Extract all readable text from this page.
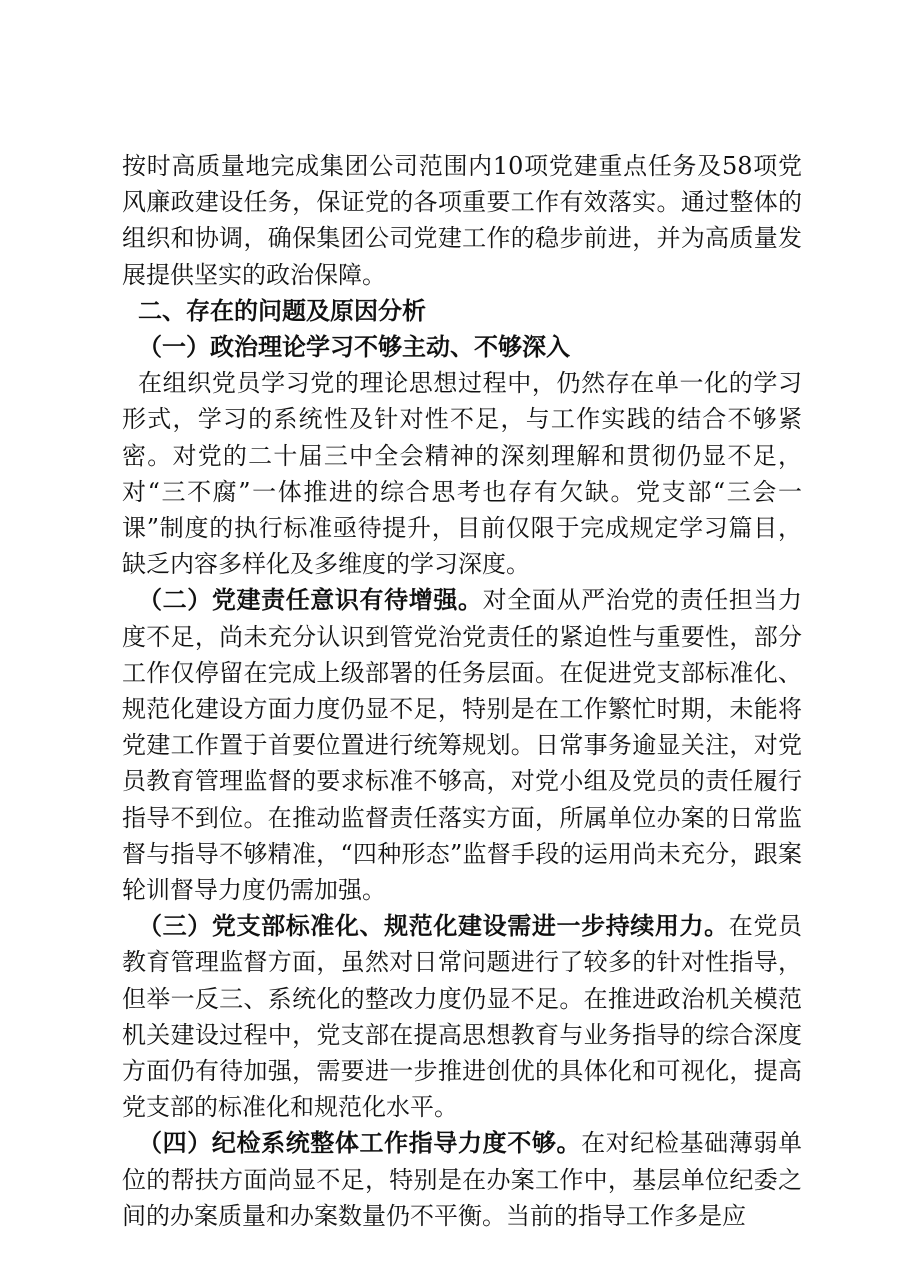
按时高质量地完成集团公司范围内10项党建重点任务及58项党风廉政建设任务，保证党的各项重要工作有效落实。通过整体的组织和协调，确保集团公司党建工作的稳步前进，并为高质量发展提供坚实的政治保障。

二、存在的问题及原因分析

（一）政治理论学习不够主动、不够深入

在组织党员学习党的理论思想过程中，仍然存在单一化的学习形式，学习的系统性及针对性不足，与工作实践的结合不够紧密。对党的二十届三中全会精神的深刻理解和贯彻仍显不足，对“三不腐”一体推进的综合思考也存有欠缺。党支部“三会一课”制度的执行标准亟待提升，目前仅限于完成规定学习篇目，缺乏内容多样化及多维度的学习深度。

（二）党建责任意识有待增强。对全面从严治党的责任担当力度不足，尚未充分认识到管党治党责任的紧迫性与重要性，部分工作仅停留在完成上级部署的任务层面。在促进党支部标准化、规范化建设方面力度仍显不足，特别是在工作繁忙时期，未能将党建工作置于首要位置进行统筹规划。日常事务逾显关注，对党员教育管理监督的要求标准不够高，对党小组及党员的责任履行指导不到位。在推动监督责任落实方面，所属单位办案的日常监督与指导不够精准，“四种形态”监督手段的运用尚未充分，跟案轮训督导力度仍需加强。

（三）党支部标准化、规范化建设需进一步持续用力。在党员教育管理监督方面，虽然对日常问题进行了较多的针对性指导，但举一反三、系统化的整改力度仍显不足。在推进政治机关模范机关建设过程中，党支部在提高思想教育与业务指导的综合深度方面仍有待加强，需要进一步推进创优的具体化和可视化，提高党支部的标准化和规范化水平。

（四）纪检系统整体工作指导力度不够。在对纪检基础薄弱单位的帮扶方面尚显不足，特别是在办案工作中，基层单位纪委之间的办案质量和办案数量仍不平衡。当前的指导工作多是应
